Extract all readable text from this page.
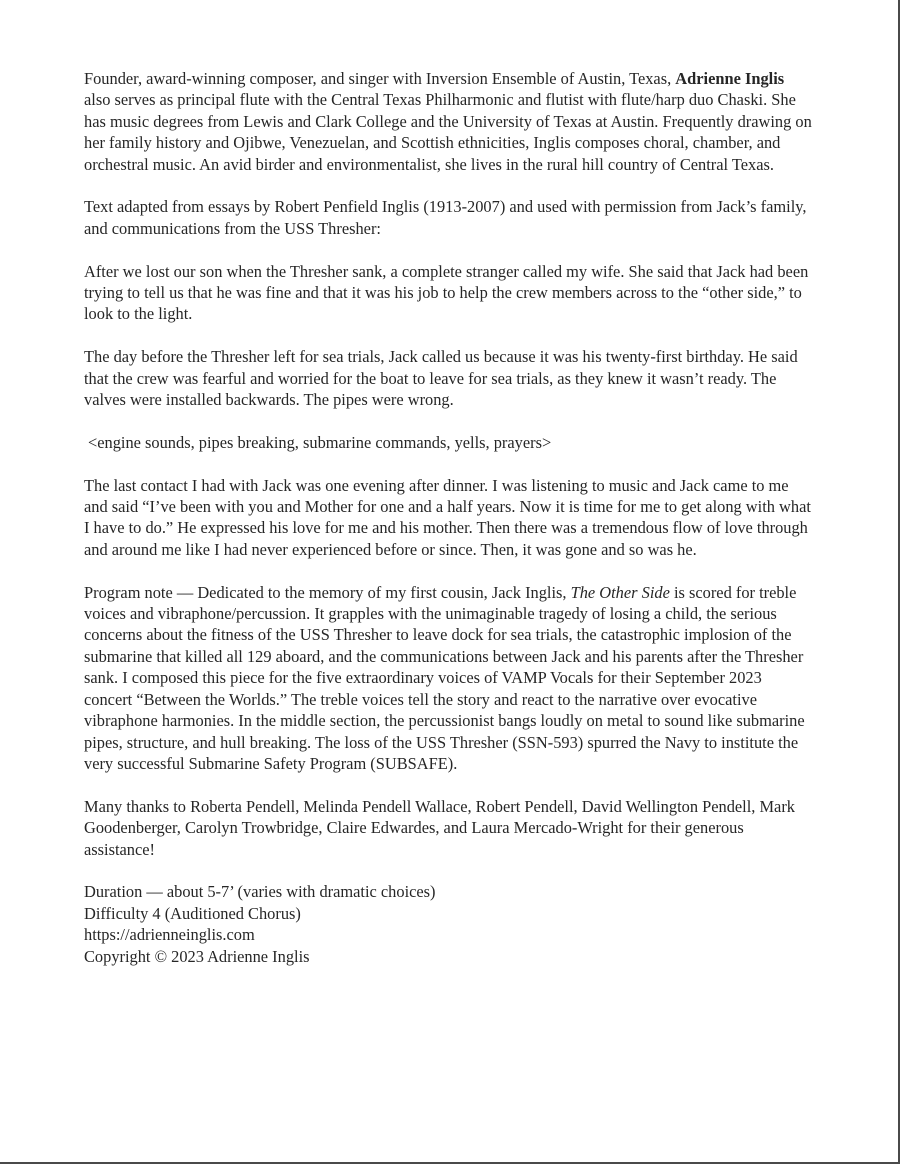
Founder, award-winning composer, and singer with Inversion Ensemble of Austin, Texas, Adrienne Inglis also serves as principal flute with the Central Texas Philharmonic and flutist with flute/harp duo Chaski. She has music degrees from Lewis and Clark College and the University of Texas at Austin. Frequently drawing on her family history and Ojibwe, Venezuelan, and Scottish ethnicities, Inglis composes choral, chamber, and orchestral music. An avid birder and environmentalist, she lives in the rural hill country of Central Texas.

Text adapted from essays by Robert Penfield Inglis (1913-2007) and used with permission from Jack’s family, and communications from the USS Thresher:

After we lost our son when the Thresher sank, a complete stranger called my wife. She said that Jack had been trying to tell us that he was fine and that it was his job to help the crew members across to the “other side,” to look to the light.

The day before the Thresher left for sea trials, Jack called us because it was his twenty-first birthday. He said that the crew was fearful and worried for the boat to leave for sea trials, as they knew it wasn’t ready. The valves were installed backwards. The pipes were wrong.

<engine sounds, pipes breaking, submarine commands, yells, prayers>

The last contact I had with Jack was one evening after dinner. I was listening to music and Jack came to me and said “I’ve been with you and Mother for one and a half years. Now it is time for me to get along with what I have to do.” He expressed his love for me and his mother. Then there was a tremendous flow of love through and around me like I had never experienced before or since. Then, it was gone and so was he.

Program note — Dedicated to the memory of my first cousin, Jack Inglis, The Other Side is scored for treble voices and vibraphone/percussion. It grapples with the unimaginable tragedy of losing a child, the serious concerns about the fitness of the USS Thresher to leave dock for sea trials, the catastrophic implosion of the submarine that killed all 129 aboard, and the communications between Jack and his parents after the Thresher sank. I composed this piece for the five extraordinary voices of VAMP Vocals for their September 2023 concert “Between the Worlds.” The treble voices tell the story and react to the narrative over evocative vibraphone harmonies. In the middle section, the percussionist bangs loudly on metal to sound like submarine pipes, structure, and hull breaking. The loss of the USS Thresher (SSN-593) spurred the Navy to institute the very successful Submarine Safety Program (SUBSAFE).

Many thanks to Roberta Pendell, Melinda Pendell Wallace, Robert Pendell, David Wellington Pendell, Mark Goodenberger, Carolyn Trowbridge, Claire Edwardes, and Laura Mercado-Wright for their generous assistance!

Duration — about 5-7’ (varies with dramatic choices)
Difficulty 4 (Auditioned Chorus)
https://adrienneinglis.com
Copyright © 2023 Adrienne Inglis
